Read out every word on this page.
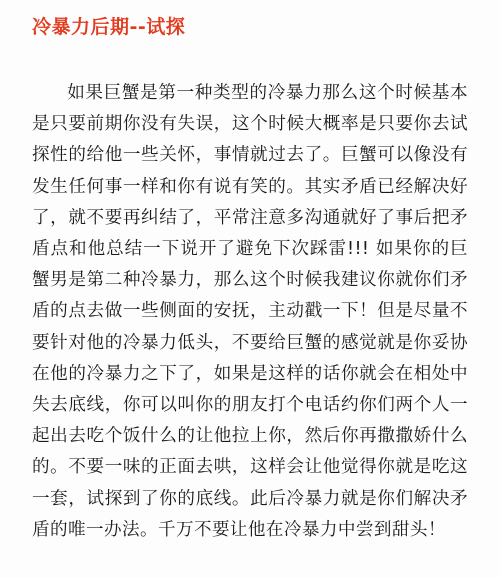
冷暴力后期--试探

如果巨蟹是第一种类型的冷暴力那么这个时候基本是只要前期你没有失误，这个时候大概率是只要你去试探性的给他一些关怀，事情就过去了。巨蟹可以像没有发生任何事一样和你有说有笑的。其实矛盾已经解决好了，就不要再纠结了，平常注意多沟通就好了事后把矛盾点和他总结一下说开了避免下次踩雷!!! 如果你的巨蟹男是第二种冷暴力，那么这个时候我建议你就你们矛盾的点去做一些侧面的安抚，主动戳一下！但是尽量不要针对他的冷暴力低头，不要给巨蟹的感觉就是你妥协在他的冷暴力之下了，如果是这样的话你就会在相处中失去底线，你可以叫你的朋友打个电话约你们两个人一起出去吃个饭什么的让他拉上你，然后你再撒撒娇什么的。不要一味的正面去哄，这样会让他觉得你就是吃这一套，试探到了你的底线。此后冷暴力就是你们解决矛盾的唯一办法。千万不要让他在冷暴力中尝到甜头！
